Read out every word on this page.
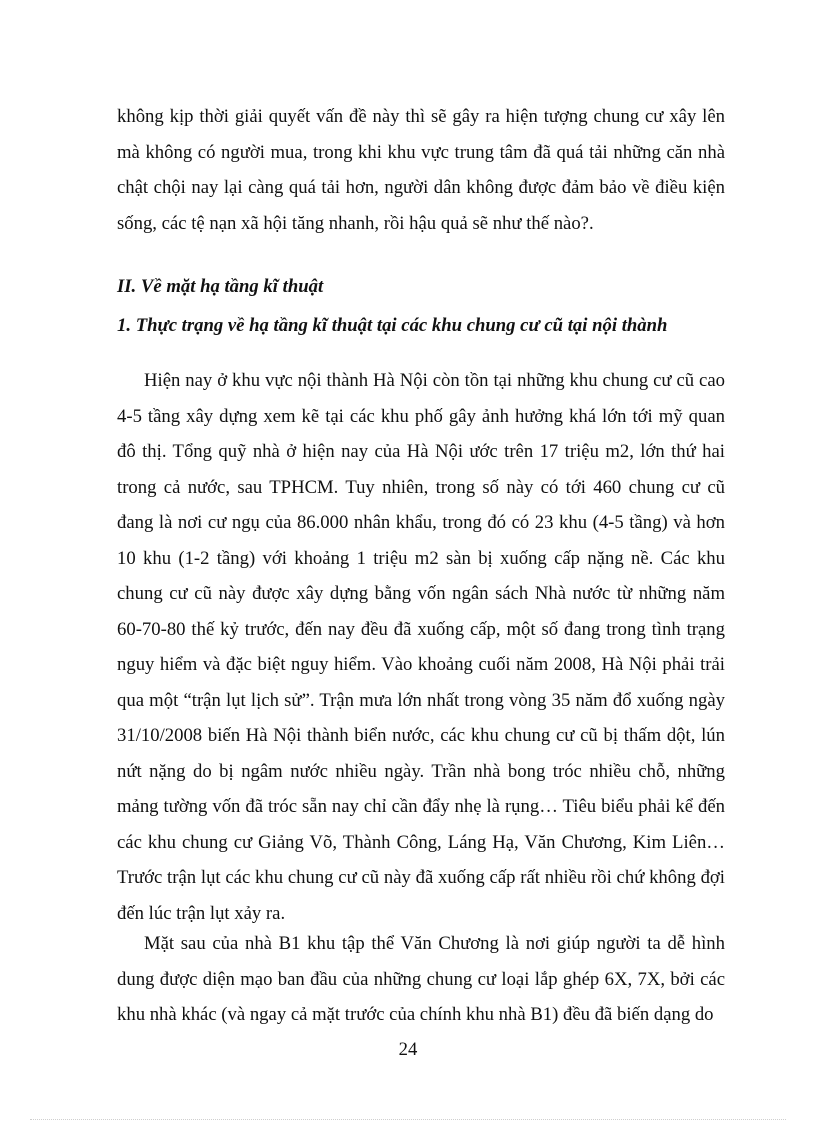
không kịp thời giải quyết vấn đề này thì sẽ gây ra hiện tượng chung cư xây lên mà không có người mua, trong khi khu vực trung tâm đã quá tải những căn nhà chật chội nay lại càng quá tải hơn, người dân không được đảm bảo về điều kiện sống, các tệ nạn xã hội tăng nhanh, rồi hậu quả sẽ như thế nào?.

II. Về mặt hạ tầng kĩ thuật
1. Thực trạng về hạ tầng kĩ thuật tại các khu chung cư cũ tại nội thành

Hiện nay ở khu vực nội thành Hà Nội còn tồn tại những khu chung cư cũ cao 4-5 tầng xây dựng xem kẽ tại các khu phố gây ảnh hưởng khá lớn tới mỹ quan đô thị. Tổng quỹ nhà ở hiện nay của Hà Nội ước trên 17 triệu m2, lớn thứ hai trong cả nước, sau TPHCM. Tuy nhiên, trong số này có tới 460 chung cư cũ đang là nơi cư ngụ của 86.000 nhân khẩu, trong đó có 23 khu (4-5 tầng) và hơn 10 khu (1-2 tầng) với khoảng 1 triệu m2 sàn bị xuống cấp nặng nề. Các khu chung cư cũ này được xây dựng bằng vốn ngân sách Nhà nước từ những năm 60-70-80 thế kỷ trước, đến nay đều đã xuống cấp, một số đang trong tình trạng nguy hiểm và đặc biệt nguy hiểm. Vào khoảng cuối năm 2008, Hà Nội phải trải qua một “trận lụt lịch sử”. Trận mưa lớn nhất trong vòng 35 năm đổ xuống ngày 31/10/2008 biến Hà Nội thành biển nước, các khu chung cư cũ bị thấm dột, lún nứt nặng do bị ngâm nước nhiều ngày. Trần nhà bong tróc nhiều chỗ, những mảng tường vốn đã tróc sẵn nay chỉ cần đẩy nhẹ là rụng… Tiêu biểu phải kể đến các khu chung cư Giảng Võ, Thành Công, Láng Hạ, Văn Chương, Kim Liên…Trước trận lụt các khu chung cư cũ này đã xuống cấp rất nhiều rồi chứ không đợi đến lúc trận lụt xảy ra.

Mặt sau của nhà B1 khu tập thể Văn Chương là nơi giúp người ta dễ hình dung được diện mạo ban đầu của những chung cư loại lắp ghép 6X, 7X, bởi các khu nhà khác (và ngay cả mặt trước của chính khu nhà B1) đều đã biến dạng do

24
